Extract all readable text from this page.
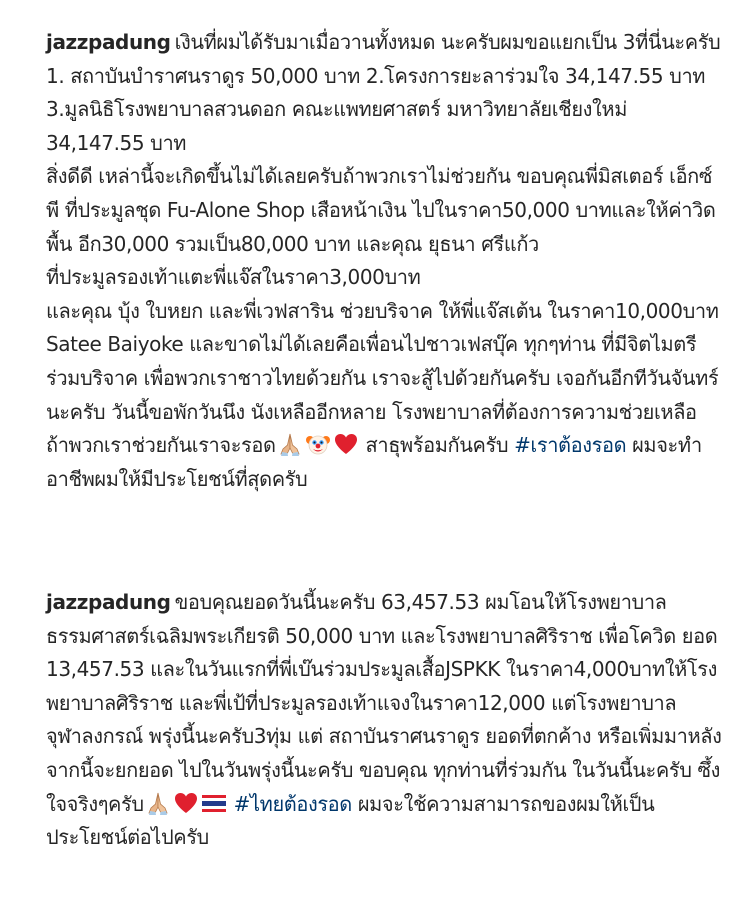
jazzpadung เงินที่ผมได้รับมาเมื่อวานทั้งหมด นะครับผมขอแยกเป็น 3ที่นี่นะครับ 1. สถาบันบำราศนราดูร 50,000 บาท 2.โครงการยะลาร่วมใจ 34,147.55 บาท 3.มูลนิธิโรงพยาบาลสวนดอก คณะแพทยศาสตร์ มหาวิทยาลัยเชียงใหม่ 34,147.55 บาท
สิ่งดีดี เหล่านี้จะเกิดขึ้นไม่ได้เลยครับถ้าพวกเราไม่ช่วยกัน ขอบคุณพี่มิสเตอร์ เอ็กซ์พี ที่ประมูลชุด Fu-Alone Shop เสือหน้าเงิน ไปในราคา50,000 บาทและให้ค่าวิดพื้น อีก30,000 รวมเป็น80,000 บาท และคุณ ยุธนา ศรีแก้ว
ที่ประมูลรองเท้าแตะพี่แจ๊สในราคา3,000บาท
และคุณ บุ้ง ใบหยก และพี่เวฟสาริน ช่วยบริจาค ให้พี่แจ๊สเต้น ในราคา10,000บาท Satee Baiyoke และขาดไม่ได้เลยคือเพื่อนไปชาวเฟสบุ๊ค ทุกๆท่าน ที่มีจิตไมตรี ร่วมบริจาค เพื่อพวกเราชาวไทยด้วยกัน เราจะสู้ไปด้วยกันครับ เจอกันอีกทีวันจันทร์นะครับ วันนี้ขอพักวันนึง นังเหลืออีกหลาย โรงพยาบาลที่ต้องการความช่วยเหลือ ถ้าพวกเราช่วยกันเราจะรอด	สาธุพร้อมกันครับ #เราต้องรอด ผมจะทำอาชีพผมให้มีประโยชน์ที่สุดครับ
jazzpadung ขอบคุณยอดวันนี้นะครับ 63,457.53 ผมโอนให้โรงพยาบาล ธรรมศาสตร์เฉลิมพระเกียรติ 50,000 บาท และโรงพยาบาลศิริราช เพื่อโควิด ยอด 13,457.53 และในวันแรกที่พี่เบ๊นร่วมประมูลเสื้อJSPKK ในราคา4,000บาทให้โรงพยาบาลศิริราช และพี่เป้ที่ประมูลรองเท้าแจงในราคา12,000 แต่โรงพยาบาลจุฬาลงกรณ์ พรุ่งนี้นะครับ3ทุ่ม แต่ สถาบันราศนราดูร ยอดที่ตกค้าง หรือเพิ่มมาหลังจากนี้จะยกยอด ไปในวันพรุ่งนี้นะครับ ขอบคุณ ทุกท่านที่ร่วมกัน ในวันนี้นะครับ ซึ้งใจจริงๆครับ	#ไทยต้องรอด ผมจะใช้ความสามารถของผมให้เป็นประโยชน์ต่อไปครับ
